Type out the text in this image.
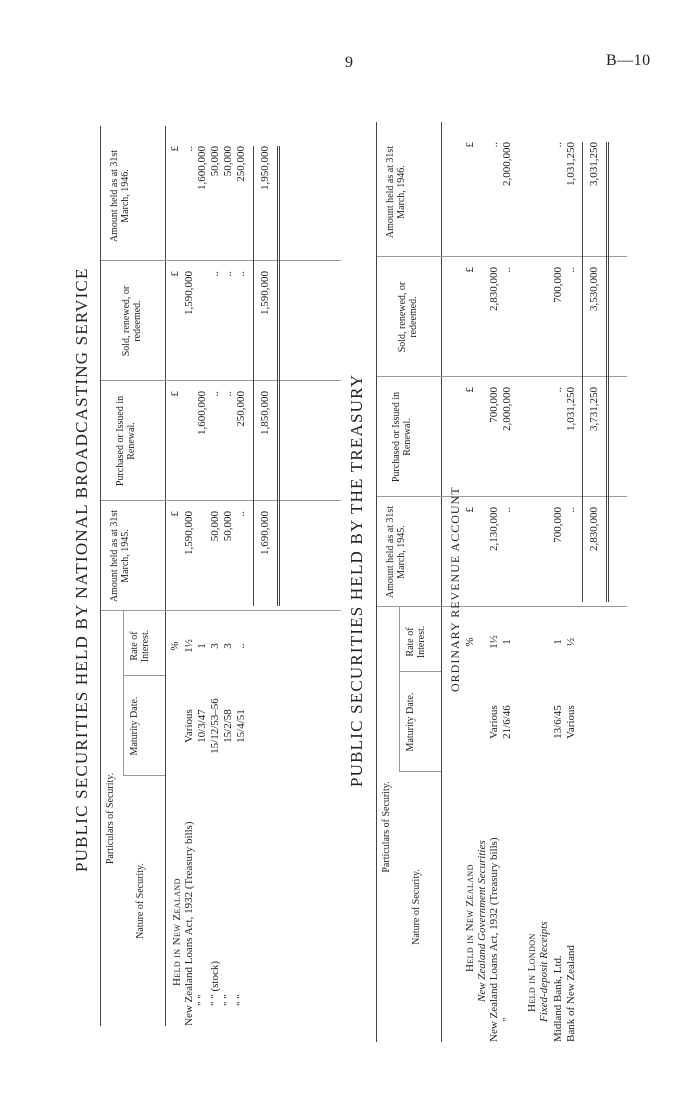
9	B—10
PUBLIC SECURITIES HELD BY NATIONAL BROADCASTING SERVICE Particulars of Security.
Nature of Security.
Maturity Date.
Rate of Interest.
Amount held as at 31st March, 1945.
Purchased or Issued in Renewal.
Sold, renewed, or redeemed.
Amount held as at 31st March, 1946.
%
£
£
£
£
Held in New Zealand New Zealand Loans Act, 1932 (Treasury bills)
Various
1½
1,590,000
1,590,000
..
" "
10/3/47
1
1,600,000
1,600,000
" " (stock)
15/12/53–56
3
50,000
..
..
50,000
" "
15/2/58
3
50,000
..
..
50,000
" "
15/4/51
..
..
250,000
..
250,000
1,690,000
1,850,000
1,590,000
1,950,000
PUBLIC SECURITIES HELD BY THE TREASURY
Particulars of Security.
Nature of Security.
Maturity Date.
Rate of Interest.
Amount held as at 31st March, 1945.
Purchased or Issued in Renewal.
Sold, renewed, or redeemed.
Amount held as at 31st March, 1946.
ORDINARY REVENUE ACCOUNT %
£
£
£
£
Held in New Zealand New Zealand Government Securities New Zealand Loans Act, 1932 (Treasury bills)
Various
1½
2,130,000
700,000
2,830,000
..
"
21/6/46
1
..
2,000,000
..
2,000,000
Held in London Fixed-deposit Receipts Midland Bank, Ltd.
13/6/45
1
700,000
..
700,000
..
Bank of New Zealand
Various
½
..
1,031,250
..
1,031,250
2,830,000
3,731,250
3,530,000
3,031,250
